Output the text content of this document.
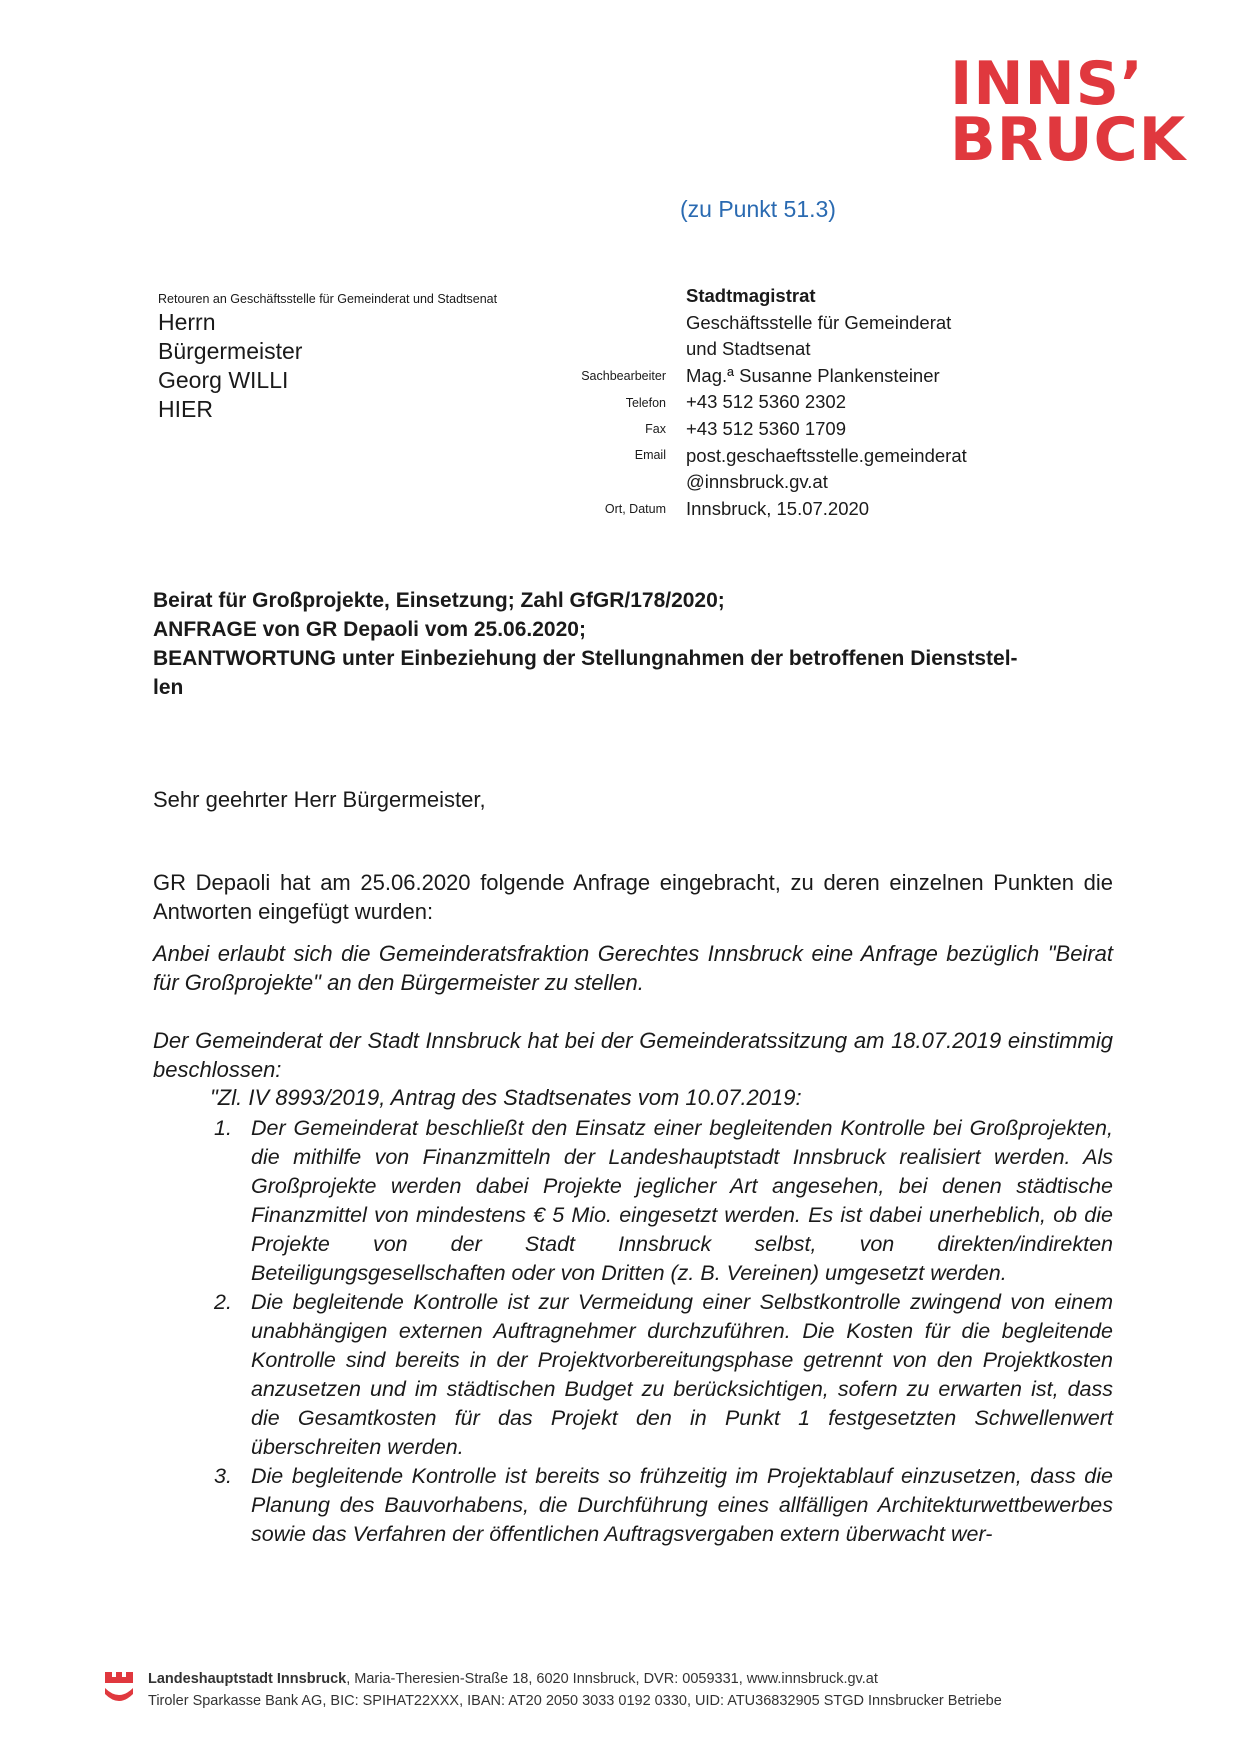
INNS’
BRUCK
(zu Punkt 51.3)
Retouren an Geschäftsstelle für Gemeinderat und Stadtsenat
Herrn
Bürgermeister
Georg WILLI
HIER
Sachbearbeiter
Telefon
Fax
Email
Ort, Datum
Stadtmagistrat
Geschäftsstelle für Gemeinderat
und Stadtsenat
Mag.ª Susanne Plankensteiner
+43 512 5360 2302
+43 512 5360 1709
post.geschaeftsstelle.gemeinderat
@innsbruck.gv.at
Innsbruck, 15.07.2020
Beirat für Großprojekte, Einsetzung; Zahl GfGR/178/2020;
ANFRAGE von GR Depaoli vom 25.06.2020;
BEANTWORTUNG unter Einbeziehung der Stellungnahmen der betroffenen Dienststel-
len
Sehr geehrter Herr Bürgermeister,
GR Depaoli hat am 25.06.2020 folgende Anfrage eingebracht, zu deren einzelnen Punkten die Antworten eingefügt wurden:
Anbei erlaubt sich die Gemeinderatsfraktion Gerechtes Innsbruck eine Anfrage bezüglich "Beirat für Großprojekte" an den Bürgermeister zu stellen.
Der Gemeinderat der Stadt Innsbruck hat bei der Gemeinderatssitzung am 18.07.2019 einstimmig beschlossen:
"Zl. IV 8993/2019, Antrag des Stadtsenates vom 10.07.2019:
1. Der Gemeinderat beschließt den Einsatz einer begleitenden Kontrolle bei Großprojekten, die mithilfe von Finanzmitteln der Landeshauptstadt Innsbruck realisiert werden. Als Großprojekte werden dabei Projekte jeglicher Art angesehen, bei denen städtische Finanzmittel von mindestens € 5 Mio. eingesetzt werden. Es ist dabei unerheblich, ob die Projekte von der Stadt Innsbruck selbst, von direkten/indirekten Beteiligungsgesellschaften oder von Dritten (z. B. Vereinen) umgesetzt werden.
2. Die begleitende Kontrolle ist zur Vermeidung einer Selbstkontrolle zwingend von einem unabhängigen externen Auftragnehmer durchzuführen. Die Kosten für die begleitende Kontrolle sind bereits in der Projektvorbereitungsphase getrennt von den Projektkosten anzusetzen und im städtischen Budget zu berücksichtigen, sofern zu erwarten ist, dass die Gesamtkosten für das Projekt den in Punkt 1 festgesetzten Schwellenwert überschreiten werden.
3. Die begleitende Kontrolle ist bereits so frühzeitig im Projektablauf einzusetzen, dass die Planung des Bauvorhabens, die Durchführung eines allfälligen Architekturwettbewerbes sowie das Verfahren der öffentlichen Auftragsvergaben extern überwacht wer-
Landeshauptstadt Innsbruck, Maria-Theresien-Straße 18, 6020 Innsbruck, DVR: 0059331, www.innsbruck.gv.at
Tiroler Sparkasse Bank AG, BIC: SPIHAT22XXX, IBAN: AT20 2050 3033 0192 0330, UID: ATU36832905 STGD Innsbrucker Betriebe
